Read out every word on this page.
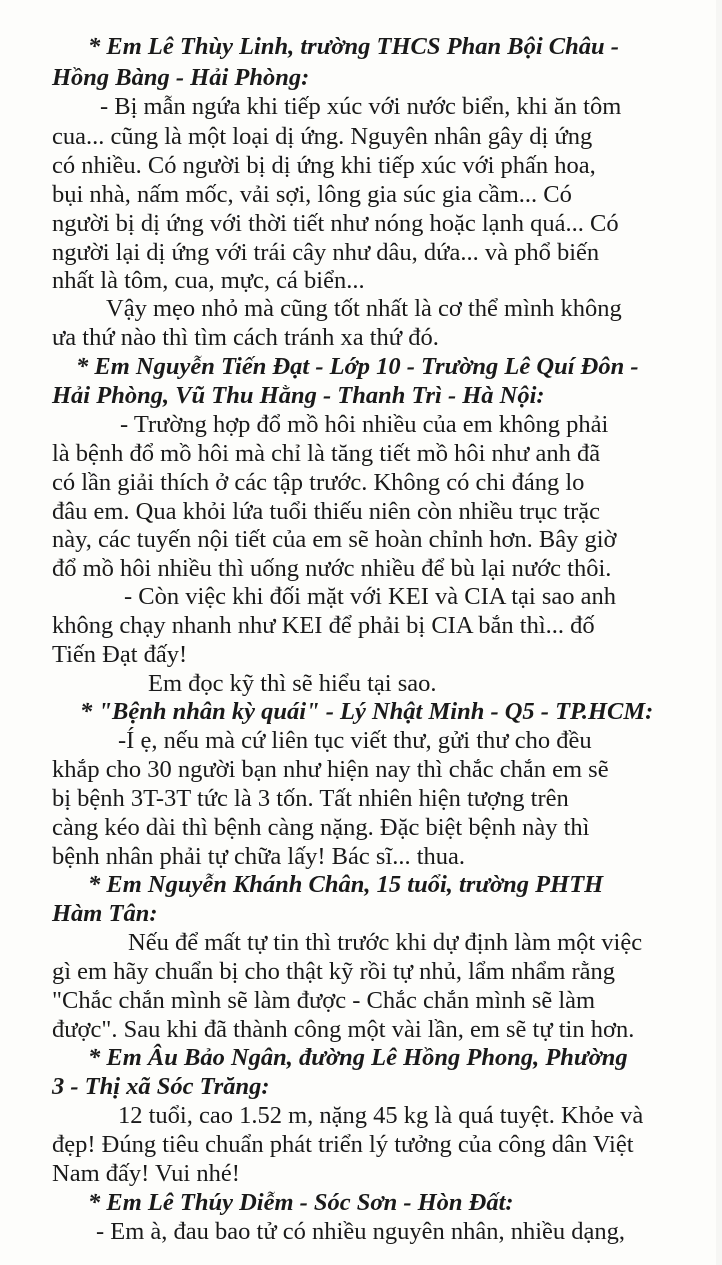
* Em Lê Thùy Linh, trường THCS Phan Bội Châu -
Hồng Bàng - Hải Phòng:
- Bị mẫn ngứa khi tiếp xúc với nước biển, khi ăn tôm
cua... cũng là một loại dị ứng. Nguyên nhân gây dị ứng
có nhiều. Có người bị dị ứng khi tiếp xúc với phấn hoa,
bụi nhà, nấm mốc, vải sợi, lông gia súc gia cầm... Có
người bị dị ứng với thời tiết như nóng hoặc lạnh quá... Có
người lại dị ứng với trái cây như dâu, dứa... và phổ biến
nhất là tôm, cua, mực, cá biển...
Vậy mẹo nhỏ mà cũng tốt nhất là cơ thể mình không
ưa thứ nào thì tìm cách tránh xa thứ đó.
* Em Nguyễn Tiến Đạt - Lớp 10 - Trường Lê Quí Đôn -
Hải Phòng, Vũ Thu Hằng - Thanh Trì - Hà Nội:
- Trường hợp đổ mồ hôi nhiều của em không phải
là bệnh đổ mồ hôi mà chỉ là tăng tiết mồ hôi như anh đã
có lần giải thích ở các tập trước. Không có chi đáng lo
đâu em. Qua khỏi lứa tuổi thiếu niên còn nhiều trục trặc
này, các tuyến nội tiết của em sẽ hoàn chỉnh hơn. Bây giờ
đổ mồ hôi nhiều thì uống nước nhiều để bù lại nước thôi.
- Còn việc khi đối mặt với KEI và CIA tại sao anh
không chạy nhanh như KEI để phải bị CIA bắn thì... đố
Tiến Đạt đấy!
Em đọc kỹ thì sẽ hiểu tại sao.
* "Bệnh nhân kỳ quái" - Lý Nhật Minh - Q5 - TP.HCM:
-Í ẹ, nếu mà cứ liên tục viết thư, gửi thư cho đều
khắp cho 30 người bạn như hiện nay thì chắc chắn em sẽ
bị bệnh 3T-3T tức là 3 tốn. Tất nhiên hiện tượng trên
càng kéo dài thì bệnh càng nặng. Đặc biệt bệnh này thì
bệnh nhân phải tự chữa lấy! Bác sĩ... thua.
* Em Nguyễn Khánh Chân, 15 tuổi, trường PHTH
Hàm Tân:
Nếu để mất tự tin thì trước khi dự định làm một việc
gì em hãy chuẩn bị cho thật kỹ rồi tự nhủ, lẩm nhẩm rằng
"Chắc chắn mình sẽ làm được - Chắc chắn mình sẽ làm
được". Sau khi đã thành công một vài lần, em sẽ tự tin hơn.
* Em Âu Bảo Ngân, đường Lê Hồng Phong, Phường
3 - Thị xã Sóc Trăng:
12 tuổi, cao 1.52 m, nặng 45 kg là quá tuyệt. Khỏe và
đẹp! Đúng tiêu chuẩn phát triển lý tưởng của công dân Việt
Nam đấy! Vui nhé!
* Em Lê Thúy Diễm - Sóc Sơn - Hòn Đất:
- Em à, đau bao tử có nhiều nguyên nhân, nhiều dạng,
